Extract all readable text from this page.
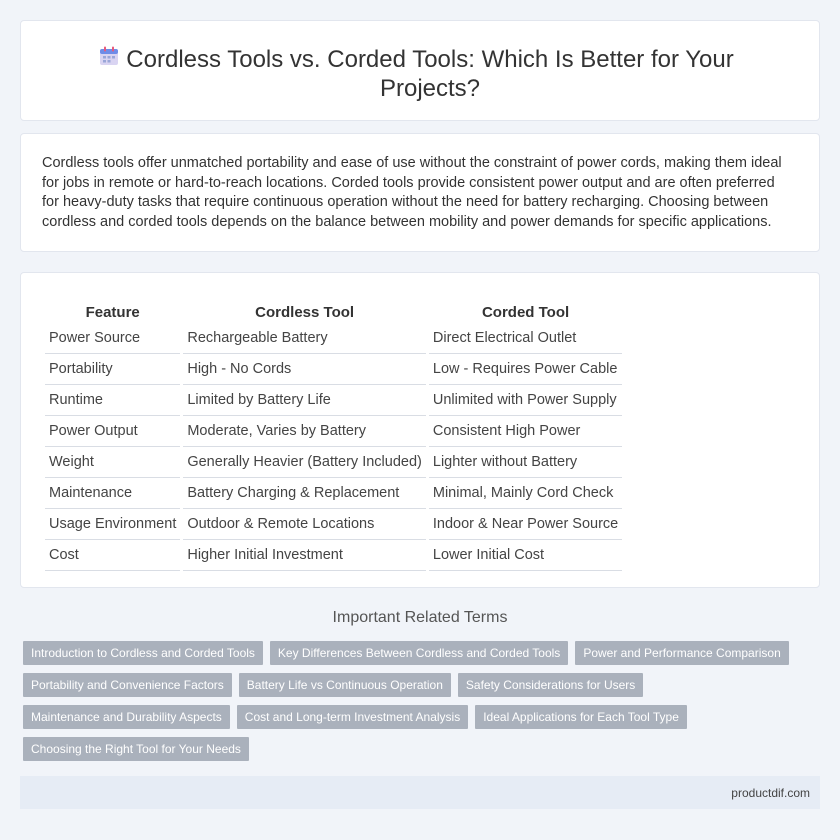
Cordless Tools vs. Corded Tools: Which Is Better for Your Projects?

Cordless tools offer unmatched portability and ease of use without the constraint of power cords, making them ideal for jobs in remote or hard-to-reach locations. Corded tools provide consistent power output and are often preferred for heavy-duty tasks that require continuous operation without the need for battery recharging. Choosing between cordless and corded tools depends on the balance between mobility and power demands for specific applications.

Feature	Cordless Tool	Corded Tool
Power Source	Rechargeable Battery	Direct Electrical Outlet
Portability	High - No Cords	Low - Requires Power Cable
Runtime	Limited by Battery Life	Unlimited with Power Supply
Power Output	Moderate, Varies by Battery	Consistent High Power
Weight	Generally Heavier (Battery Included)	Lighter without Battery
Maintenance	Battery Charging & Replacement	Minimal, Mainly Cord Check
Usage Environment	Outdoor & Remote Locations	Indoor & Near Power Source
Cost	Higher Initial Investment	Lower Initial Cost
Important Related Terms
Introduction to Cordless and Corded Tools	Key Differences Between Cordless and Corded Tools	Power and Performance Comparison
Portability and Convenience Factors	Battery Life vs Continuous Operation	Safety Considerations for Users
Maintenance and Durability Aspects	Cost and Long-term Investment Analysis	Ideal Applications for Each Tool Type
Choosing the Right Tool for Your Needs
productdif.com
